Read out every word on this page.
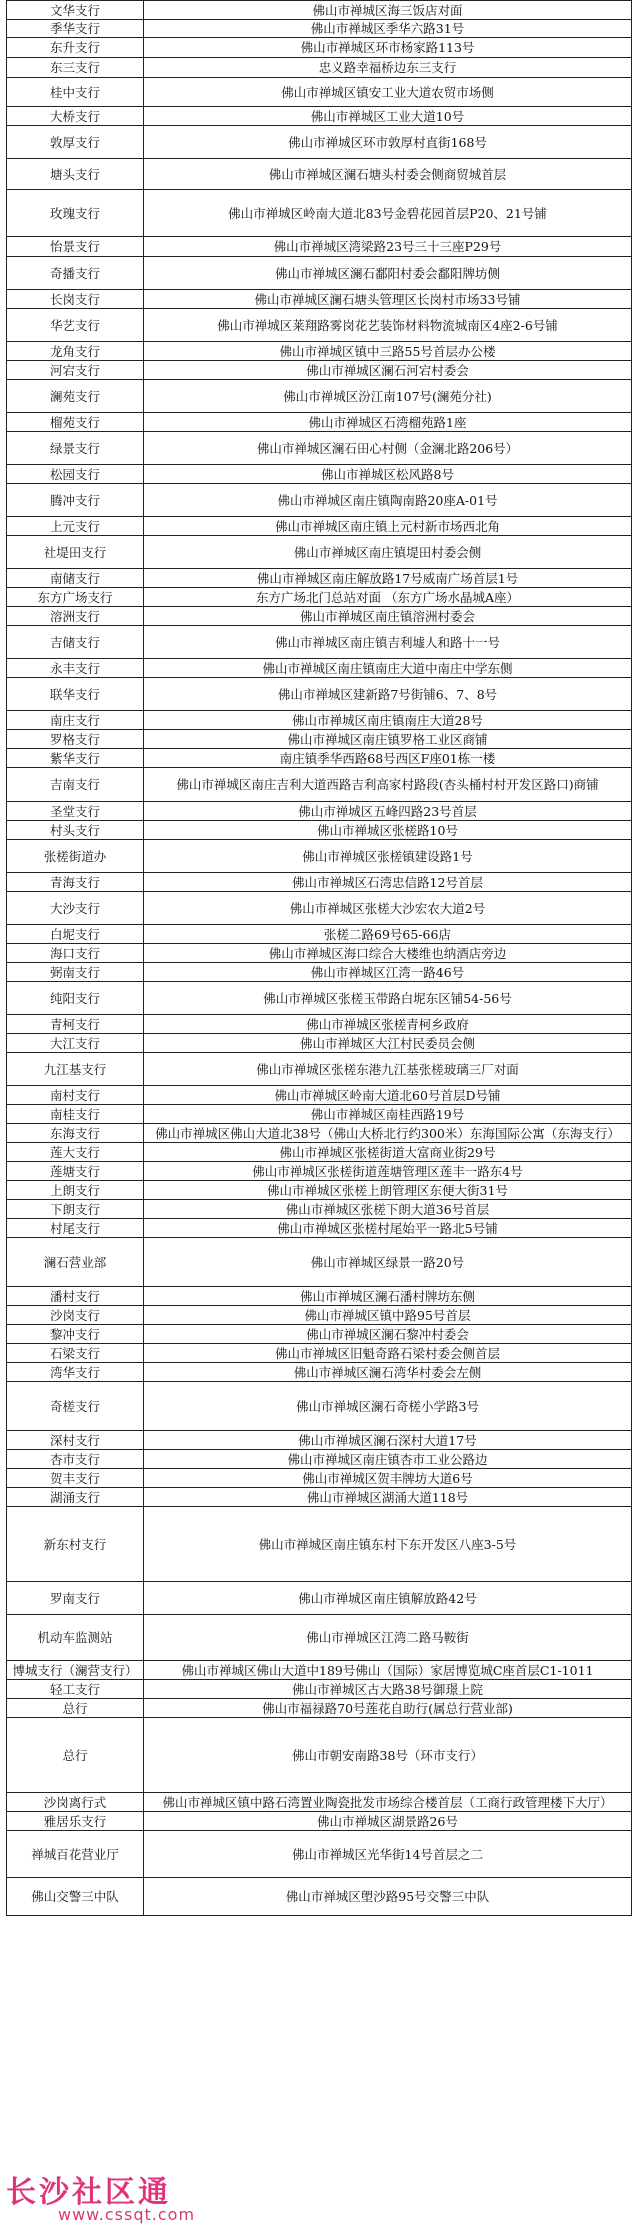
文华支行	佛山市禅城区海三饭店对面
季华支行	佛山市禅城区季华六路31号
东升支行	佛山市禅城区环市杨家路113号
东三支行	忠义路幸福桥边东三支行
桂中支行	佛山市禅城区镇安工业大道农贸市场侧
大桥支行	佛山市禅城区工业大道10号
敦厚支行	佛山市禅城区环市敦厚村直街168号
塘头支行	佛山市禅城区澜石塘头村委会侧商贸城首层
玫瑰支行	佛山市禅城区岭南大道北83号金碧花园首层P20、21号铺
怡景支行	佛山市禅城区湾梁路23号三十三座P29号
奇播支行	佛山市禅城区澜石鄱阳村委会鄱阳牌坊侧
长岗支行	佛山市禅城区澜石塘头管理区长岗村市场33号铺
华艺支行	佛山市禅城区莱翔路雾岗花艺装饰材料物流城南区4座2-6号铺
龙角支行	佛山市禅城区镇中三路55号首层办公楼
河宕支行	佛山市禅城区澜石河宕村委会
澜苑支行	佛山市禅城区汾江南107号(澜苑分社)
榴苑支行	佛山市禅城区石湾榴苑路1座
绿景支行	佛山市禅城区澜石田心村侧（金澜北路206号）
松园支行	佛山市禅城区松风路8号
腾冲支行	佛山市禅城区南庄镇陶南路20座A-01号
上元支行	佛山市禅城区南庄镇上元村新市场西北角
社堤田支行	佛山市禅城区南庄镇堤田村委会侧
南储支行	佛山市禅城区南庄解放路17号威南广场首层1号
东方广场支行	东方广场北门总站对面 （东方广场水晶城A座）
溶洲支行	佛山市禅城区南庄镇溶洲村委会
吉储支行	佛山市禅城区南庄镇吉利墟人和路十一号
永丰支行	佛山市禅城区南庄镇南庄大道中南庄中学东侧
联华支行	佛山市禅城区建新路7号街铺6、7、8号
南庄支行	佛山市禅城区南庄镇南庄大道28号
罗格支行	佛山市禅城区南庄镇罗格工业区商铺
紫华支行	南庄镇季华西路68号西区F座01栋一楼
吉南支行	佛山市禅城区南庄吉利大道西路吉利高家村路段(杏头桶村村开发区路口)商铺
圣堂支行	佛山市禅城区五峰四路23号首层
村头支行	佛山市禅城区张槎路10号
张槎街道办	佛山市禅城区张槎镇建设路1号
青海支行	佛山市禅城区石湾忠信路12号首层
大沙支行	佛山市禅城区张槎大沙宏农大道2号
白坭支行	张槎二路69号65-66店
海口支行	佛山市禅城区海口综合大楼维也纳酒店旁边
弼南支行	佛山市禅城区江湾一路46号
纯阳支行	佛山市禅城区张槎玉带路白坭东区铺54-56号
青柯支行	佛山市禅城区张槎青柯乡政府
大江支行	佛山市禅城区大江村民委员会侧
九江基支行	佛山市禅城区张槎东港九江基张槎玻璃三厂对面
南村支行	佛山市禅城区岭南大道北60号首层D号铺
南桂支行	佛山市禅城区南桂西路19号
东海支行	佛山市禅城区佛山大道北38号（佛山大桥北行约300米）东海国际公寓（东海支行）
莲大支行	佛山市禅城区张槎街道大富商业街29号
莲塘支行	佛山市禅城区张槎街道莲塘管理区莲丰一路东4号
上朗支行	佛山市禅城区张槎上朗管理区东便大街31号
下朗支行	佛山市禅城区张槎下朗大道36号首层
村尾支行	佛山市禅城区张槎村尾始平一路北5号铺
澜石营业部	佛山市禅城区绿景一路20号
潘村支行	佛山市禅城区澜石潘村牌坊东侧
沙岗支行	佛山市禅城区镇中路95号首层
黎冲支行	佛山市禅城区澜石黎冲村委会
石梁支行	佛山市禅城区旧魁奇路石梁村委会侧首层
湾华支行	佛山市禅城区澜石湾华村委会左侧
奇槎支行	佛山市禅城区澜石奇槎小学路3号
深村支行	佛山市禅城区澜石深村大道17号
杏市支行	佛山市禅城区南庄镇杏市工业公路边
贺丰支行	佛山市禅城区贺丰牌坊大道6号
湖涌支行	佛山市禅城区湖涌大道118号
新东村支行	佛山市禅城区南庄镇东村下东开发区八座3-5号
罗南支行	佛山市禅城区南庄镇解放路42号
机动车监测站	佛山市禅城区江湾二路马鞍街
博城支行（澜营支行）	佛山市禅城区佛山大道中189号佛山（国际）家居博览城C座首层C1-1011
轻工支行	佛山市禅城区古大路38号御璟上院
总行	佛山市福禄路70号莲花自助行(属总行营业部)
总行	佛山市朝安南路38号（环市支行）
沙岗离行式	佛山市禅城区镇中路石湾置业陶瓷批发市场综合楼首层（工商行政管理楼下大厅）
雅居乐支行	佛山市禅城区湖景路26号
禅城百花营业厅	佛山市禅城区光华街14号首层之二
佛山交警三中队	佛山市禅城区塱沙路95号交警三中队
长沙社区通
www.cssqt.com
